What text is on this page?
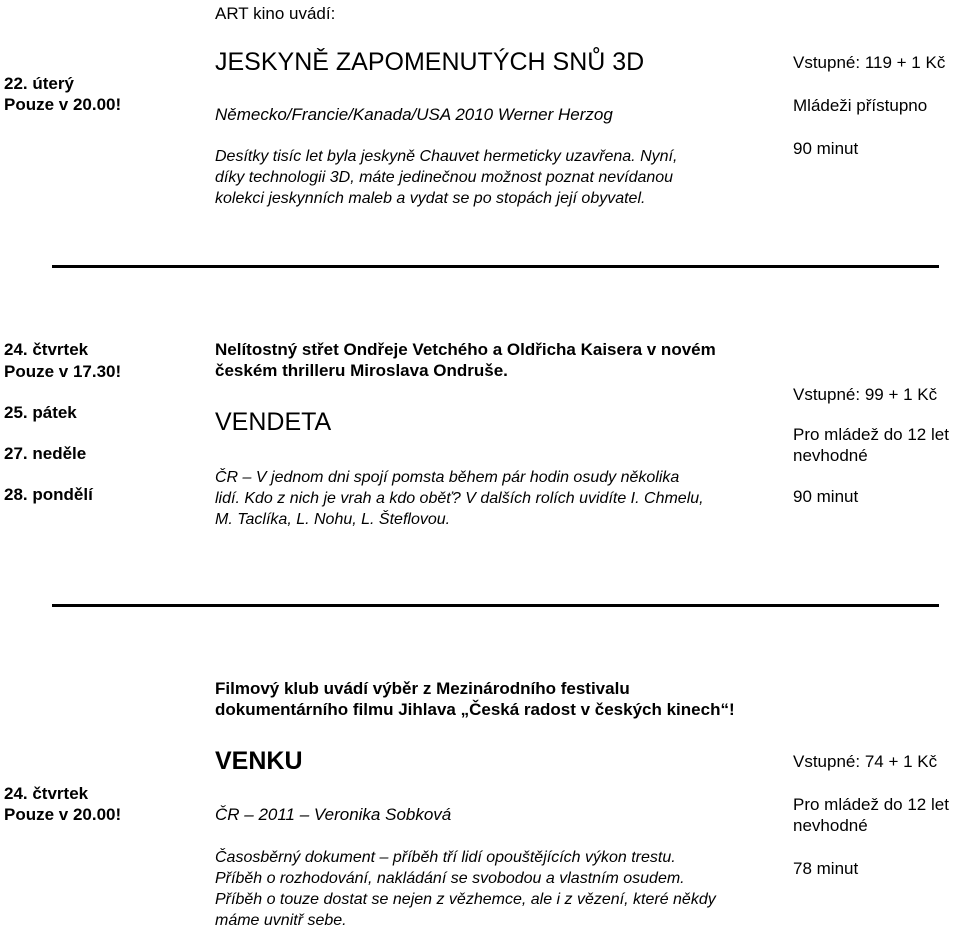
ART kino uvádí:
22. úterý
Pouze v 20.00!
JESKYNĚ ZAPOMENUTÝCH SNŮ 3D
Německo/Francie/Kanada/USA 2010 Werner Herzog
Desítky tisíc let byla jeskyně Chauvet hermeticky uzavřena. Nyní,
díky technologii 3D, máte jedinečnou možnost poznat nevídanou
kolekci jeskynních maleb a vydat se po stopách její obyvatel.
Vstupné: 119 + 1 Kč
Mládeži přístupno
90 minut
24. čtvrtek
Pouze v 17.30!
25. pátek
27. neděle
28. pondělí
Nelítostný střet Ondřeje Vetchého a Oldřicha Kaisera v novém
českém thrilleru Miroslava Ondruše.
VENDETA
ČR – V jednom dni spojí pomsta během pár hodin osudy několika
lidí. Kdo z nich je vrah a kdo oběť? V dalších rolích uvidíte I. Chmelu,
M. Taclíka, L. Nohu, L. Šteflovou.
Vstupné: 99 + 1 Kč
Pro mládež do 12 let
nevhodné
90 minut
Filmový klub uvádí výběr z Mezinárodního festivalu
dokumentárního filmu Jihlava „Česká radost v českých kinech“!
24. čtvrtek
Pouze v 20.00!
VENKU
ČR – 2011 – Veronika Sobková
Časosběrný dokument – příběh tří lidí opouštějících výkon trestu.
Příběh o rozhodování, nakládání se svobodou a vlastním osudem.
Příběh o touze dostat se nejen z vězhemce, ale i z vězení, které někdy
máme uvnitř sebe.
Vstupné: 74 + 1 Kč
Pro mládež do 12 let
nevhodné
78 minut
